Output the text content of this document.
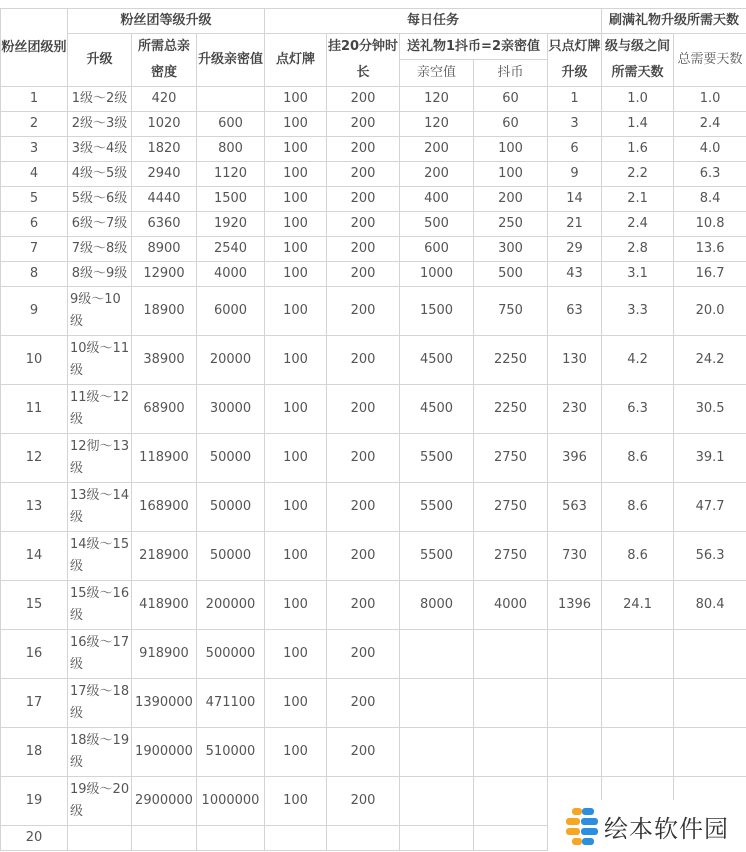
粉丝团级别	粉丝团等级升级			每日任务					刷满礼物升级所需天数	
	升级	所需总亲密度	升级亲密值	点灯牌	挂20分钟时长	送礼物1抖币=2亲密值		只点灯牌升级	级与级之间所需天数	总需要天数
						亲空值	抖币			
1	1级～2级	420		100	200	120	60	1	1.0	1.0
2	2级～3级	1020	600	100	200	120	60	3	1.4	2.4
3	3级～4级	1820	800	100	200	200	100	6	1.6	4.0
4	4级～5级	2940	1120	100	200	200	100	9	2.2	6.3
5	5级～6级	4440	1500	100	200	400	200	14	2.1	8.4
6	6级～7级	6360	1920	100	200	500	250	21	2.4	10.8
7	7级～8级	8900	2540	100	200	600	300	29	2.8	13.6
8	8级～9级	12900	4000	100	200	1000	500	43	3.1	16.7
9	9级～10级	18900	6000	100	200	1500	750	63	3.3	20.0
10	10级～11级	38900	20000	100	200	4500	2250	130	4.2	24.2
11	11级～12级	68900	30000	100	200	4500	2250	230	6.3	30.5
12	12彻～13级	118900	50000	100	200	5500	2750	396	8.6	39.1
13	13级～14级	168900	50000	100	200	5500	2750	563	8.6	47.7
14	14级～15级	218900	50000	100	200	5500	2750	730	8.6	56.3
15	15级～16级	418900	200000	100	200	8000	4000	1396	24.1	80.4
16	16级～17级	918900	500000	100	200					
17	17级～18级	1390000	471100	100	200					
18	18级～19级	1900000	510000	100	200					
19	19级～20级	2900000	1000000	100	200					
20											绘本软件园
